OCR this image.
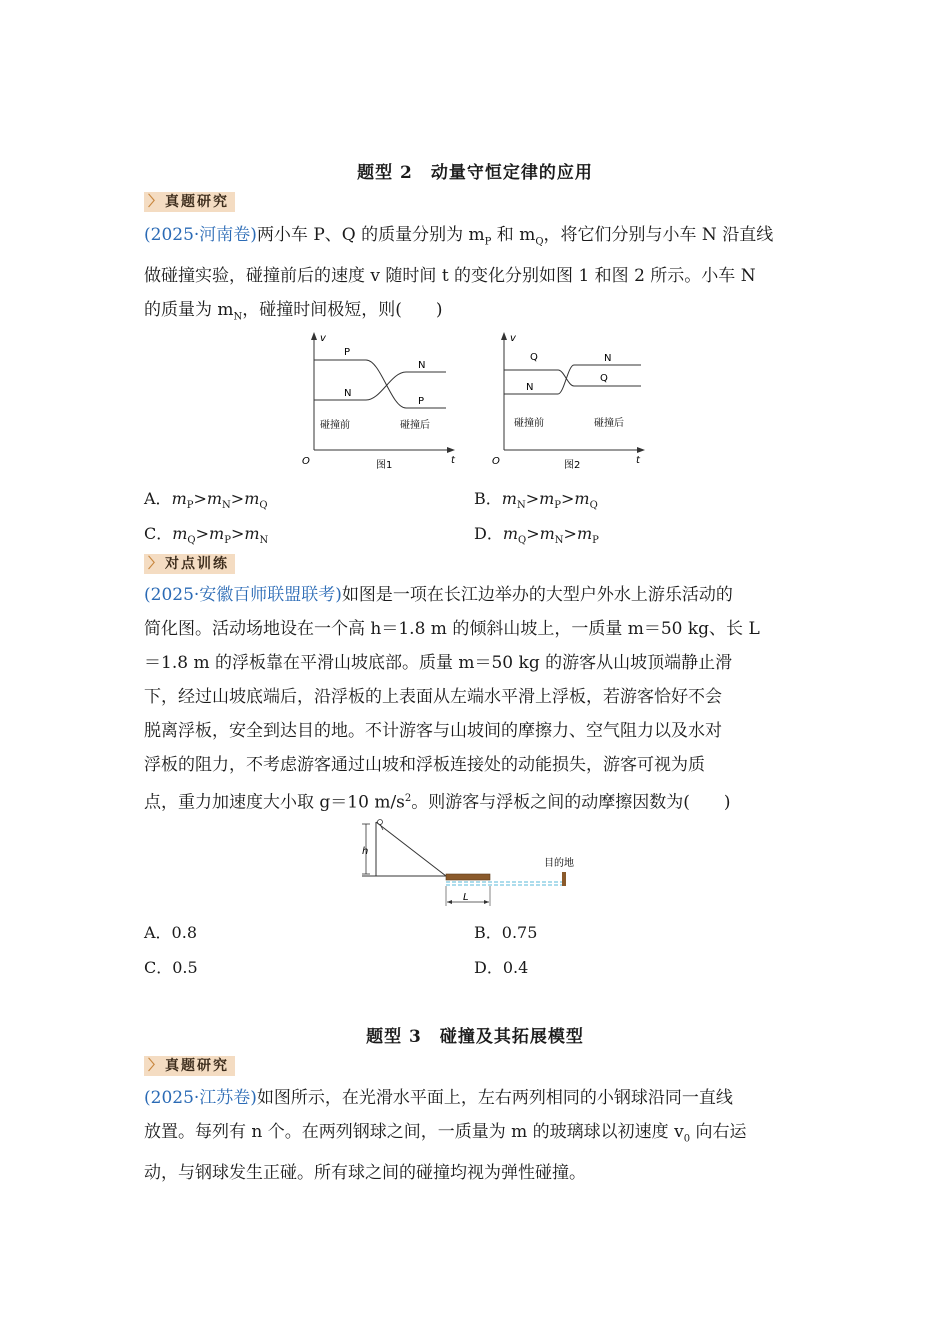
题型 2　动量守恒定律的应用
〉 真题研究
(2025·河南卷)两小车 P、Q 的质量分别为 $m_P$ 和 $m_Q$，将它们分别与小车 N 沿直线
做碰撞实验，碰撞前后的速度 v 随时间 t 的变化分别如图 1 和图 2 所示。小车 N
的质量为 $m_N$，碰撞时间极短，则(　　)
v
t
O
P
N
N
P
碰撞前	碰撞后
图1
v
t
O
Q
N
N
Q
碰撞前	碰撞后
图2
A．$m_P>m_N>m_Q$	B．$m_N>m_P>m_Q$
C．$m_Q>m_P>m_N$	D．$m_Q>m_N>m_P$
〉 对点训练
(2025·安徽百师联盟联考)如图是一项在长江边举办的大型户外水上游乐活动的
简化图。活动场地设在一个高 h＝1.8 m 的倾斜山坡上，一质量 m＝50 kg、长 L
＝1.8 m 的浮板靠在平滑山坡底部。质量 m＝50 kg 的游客从山坡顶端静止滑
下，经过山坡底端后，沿浮板的上表面从左端水平滑上浮板，若游客恰好不会
脱离浮板，安全到达目的地。不计游客与山坡间的摩擦力、空气阻力以及水对
浮板的阻力，不考虑游客通过山坡和浮板连接处的动能损失，游客可视为质
点，重力加速度大小取 g＝10 $m/s^2$。则游客与浮板之间的动摩擦因数为(　　)
h
目的地
L
A．0.8	B．0.75
C．0.5	D．0.4
题型 3　碰撞及其拓展模型
〉 真题研究
(2025·江苏卷)如图所示，在光滑水平面上，左右两列相同的小钢球沿同一直线
放置。每列有 n 个。在两列钢球之间，一质量为 m 的玻璃球以初速度 $v_0$ 向右运
动，与钢球发生正碰。所有球之间的碰撞均视为弹性碰撞。
